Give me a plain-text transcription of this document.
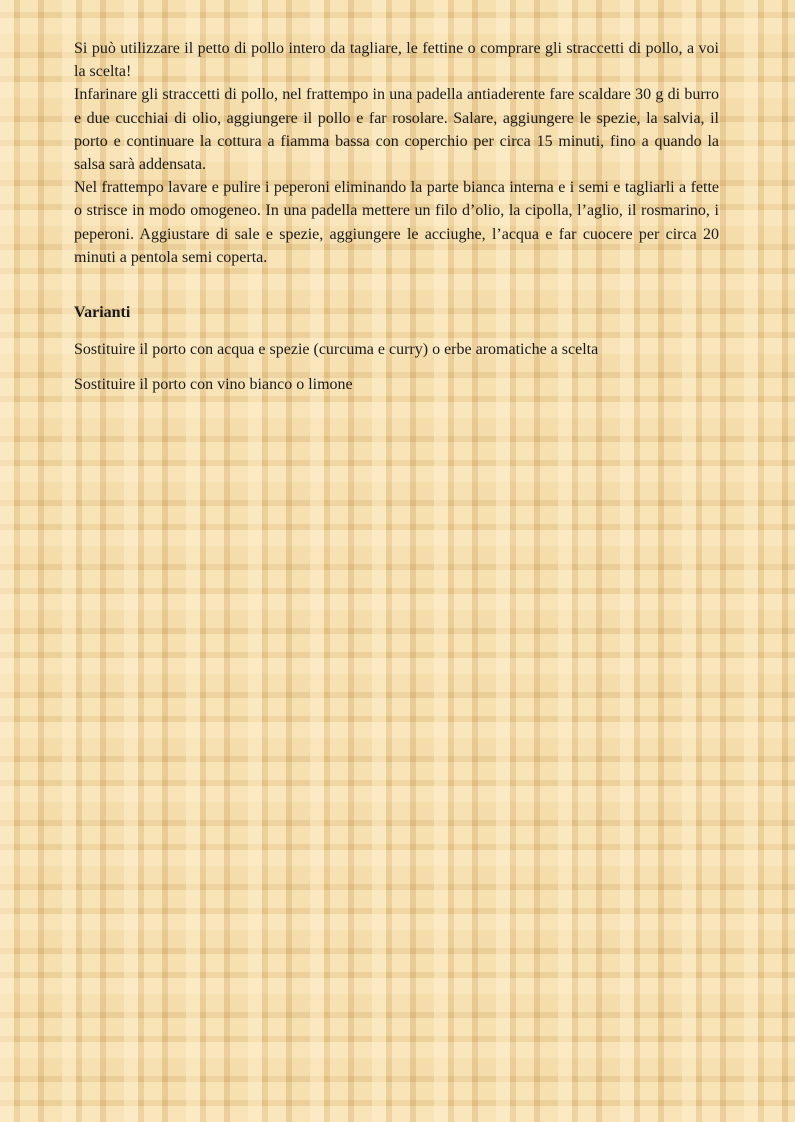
Si può utilizzare il petto di pollo intero da tagliare, le fettine o comprare gli straccetti di pollo, a voi la scelta!

Infarinare gli straccetti di pollo, nel frattempo in una padella antiaderente fare scaldare 30 g di burro e due cucchiai di olio, aggiungere il pollo e far rosolare. Salare, aggiungere le spezie, la salvia, il porto e continuare la cottura a fiamma bassa con coperchio per circa 15 minuti, fino a quando la salsa sarà addensata.

Nel frattempo lavare e pulire i peperoni eliminando la parte bianca interna e i semi e tagliarli a fette o strisce in modo omogeneo. In una padella mettere un filo d’olio, la cipolla, l’aglio, il rosmarino, i peperoni. Aggiustare di sale e spezie, aggiungere le acciughe, l’acqua e far cuocere per circa 20 minuti a pentola semi coperta.

Varianti

Sostituire il porto con acqua e spezie (curcuma e curry) o erbe aromatiche a scelta

Sostituire il porto con vino bianco o limone
